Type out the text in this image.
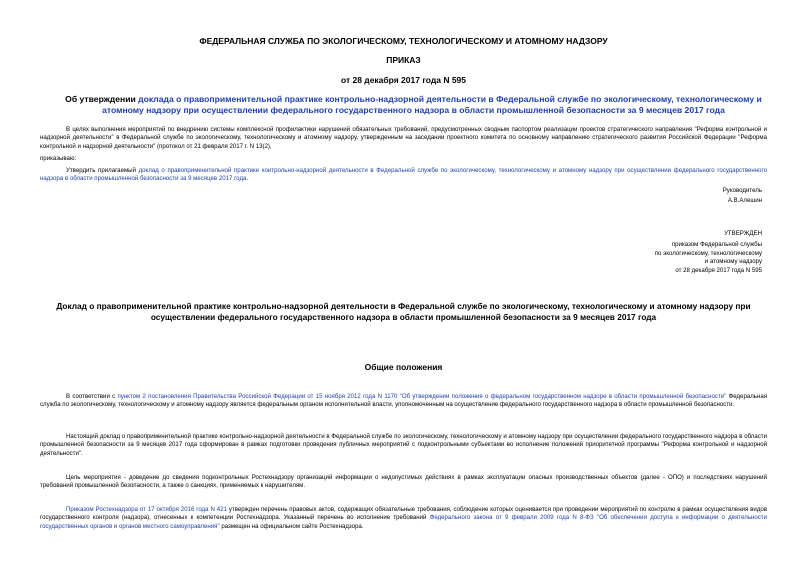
ФЕДЕРАЛЬНАЯ СЛУЖБА ПО ЭКОЛОГИЧЕСКОМУ, ТЕХНОЛОГИЧЕСКОМУ И АТОМНОМУ НАДЗОРУ
ПРИКАЗ
от 28 декабря 2017 года N 595
Об утверждении доклада о правоприменительной практике контрольно-надзорной деятельности в Федеральной службе по экологическому, технологическому и атомному надзору при осуществлении федерального государственного надзора в области промышленной безопасности за 9 месяцев 2017 года
В целях выполнения мероприятий по внедрению системы комплексной профилактики нарушений обязательных требований, предусмотренных сводным паспортом реализации проектов стратегического направления "Реформа контрольной и надзорной деятельности" в Федеральной службе по экологическому, технологическому и атомному надзору, утвержденным на заседании проектного комитета по основному направлению стратегического развития Российской Федерации "Реформа контрольной и надзорной деятельности" (протокол от 21 февраля 2017 г. N 13(2),
приказываю:
Утвердить прилагаемый доклад о правоприменительной практике контрольно-надзорной деятельности в Федеральной службе по экологическому, технологическому и атомному надзору при осуществлении федерального государственного надзора в области промышленной безопасности за 9 месяцев 2017 года.
Руководитель
А.В.Алешин
УТВЕРЖДЕН
приказом Федеральной службы
по экологическому, технологическому
и атомному надзору
от 28 декабря 2017 года N 595
Доклад о правоприменительной практике контрольно-надзорной деятельности в Федеральной службе по экологическому, технологическому и атомному надзору при осуществлении федерального государственного надзора в области промышленной безопасности за 9 месяцев 2017 года
Общие положения
В соответствии с пунктом 2 постановления Правительства Российской Федерации от 15 ноября 2012 года N 1170 "Об утверждении положения о федеральном государственном надзоре в области промышленной безопасности" Федеральная служба по экологическому, технологическому и атомному надзору является федеральным органом исполнительной власти, уполномоченным на осуществление федерального государственного надзора в области промышленной безопасности.
Настоящий доклад о правоприменительной практике контрольно-надзорной деятельности в Федеральной службе по экологическому, технологическому и атомному надзору при осуществлении федерального государственного надзора в области промышленной безопасности за 9 месяцев 2017 года сформирован в рамках подготовки проведения публичных мероприятий с подконтрольными субъектами во исполнение положений приоритетной программы "Реформа контрольной и надзорной деятельности".
Цель мероприятия - доведение до сведения подконтрольных Ростехнадзору организаций информации о недопустимых действиях в рамках эксплуатации опасных производственных объектов (далее - ОПО) и последствиях нарушений требований промышленной безопасности, а также о санкциях, применяемых к нарушителям.
Приказом Ростехнадзора от 17 октября 2016 года N 421 утвержден перечень правовых актов, содержащих обязательные требования, соблюдение которых оценивается при проведении мероприятий по контролю в рамках осуществления видов государственного контроля (надзора), отнесенных к компетенции Ростехнадзора. Указанный перечень во исполнение требований Федерального закона от 9 февраля 2009 года N 8-ФЗ "Об обеспечении доступа к информации о деятельности государственных органов и органов местного самоуправления" размещен на официальном сайте Ростехнадзора.
